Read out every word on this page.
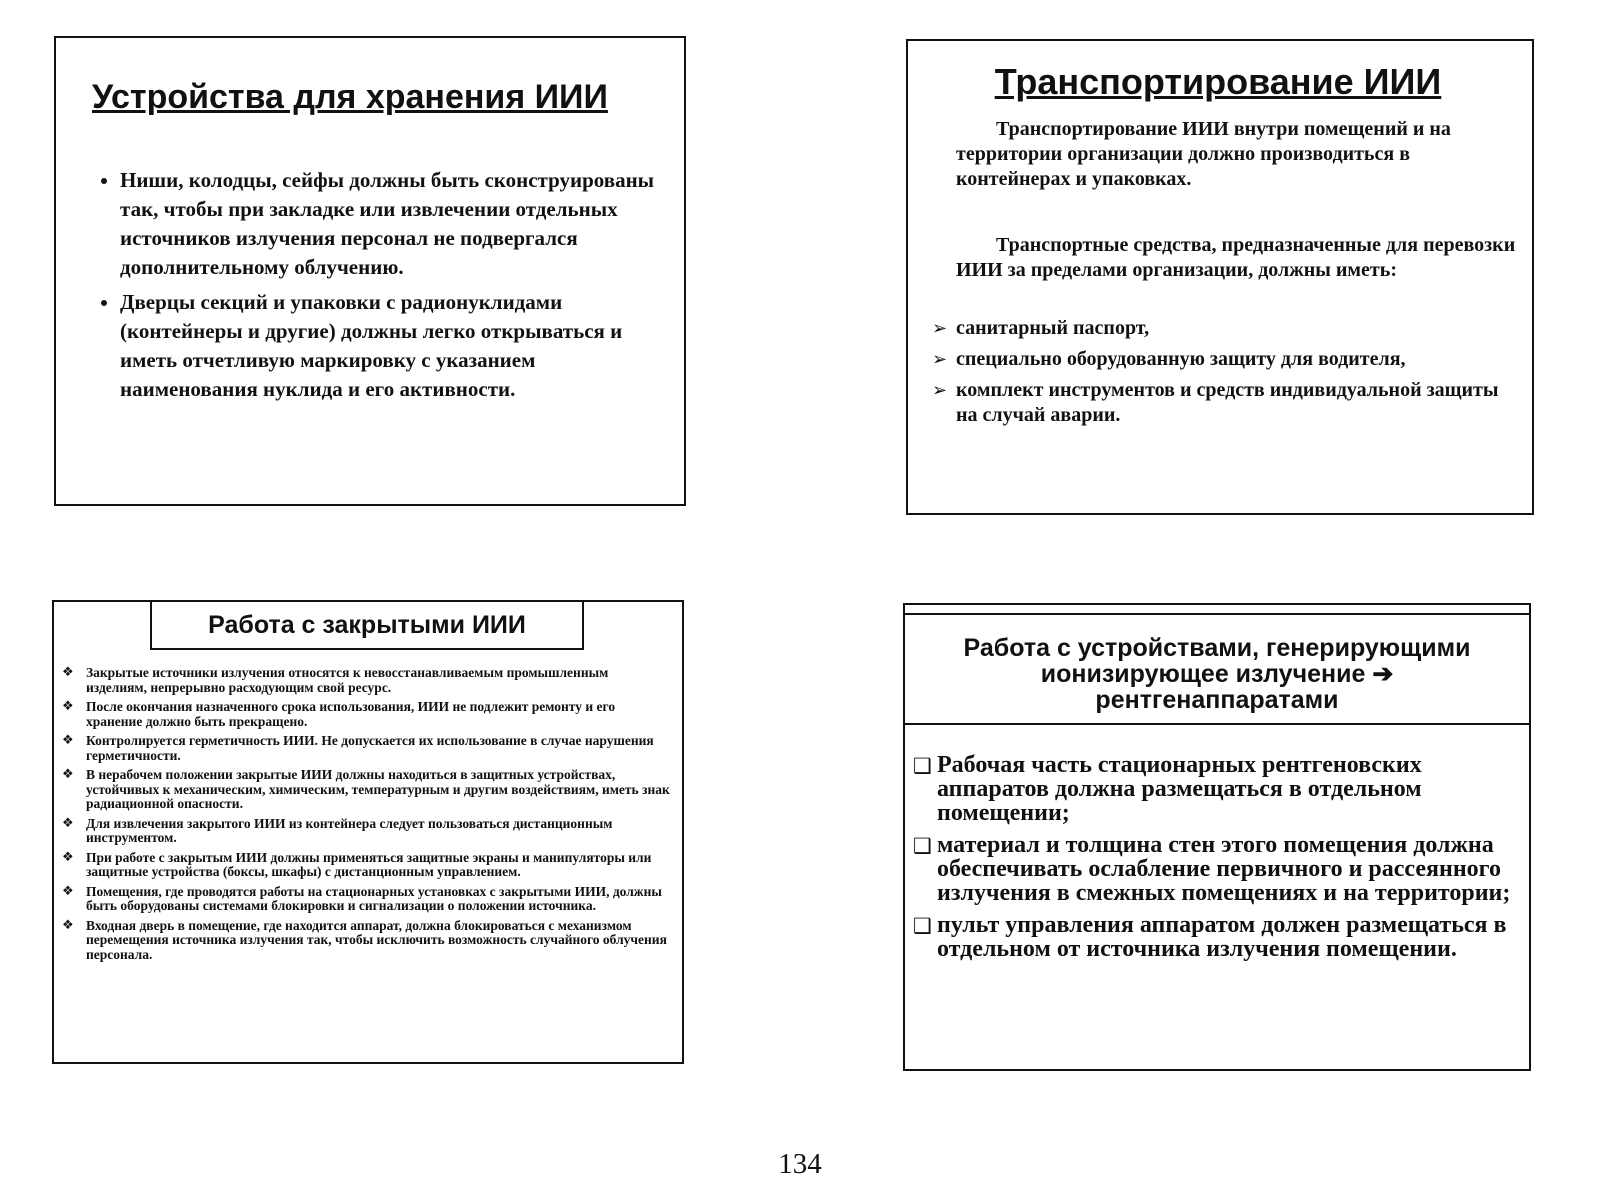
Устройства для хранения ИИИ
• Ниши, колодцы, сейфы должны быть сконструированы так, чтобы при закладке или извлечении отдельных источников излучения персонал не подвергался дополнительному облучению.
• Дверцы секций и упаковки с радионуклидами (контейнеры и другие) должны легко открываться и иметь отчетливую маркировку с указанием наименования нуклида и его активности.
Транспортирование ИИИ

Транспортирование ИИИ внутри помещений и на территории организации должно производиться в контейнерах и упаковках.

Транспортные средства, предназначенные для перевозки ИИИ за пределами организации, должны иметь:

➢ санитарный паспорт,
➢ специально оборудованную защиту для водителя,
➢ комплект инструментов и средств индивидуальной защиты на случай аварии.
Работа с закрытыми ИИИ
❖ Закрытые источники излучения относятся к невосстанавливаемым промышленным изделиям, непрерывно расходующим свой ресурс.
❖ После окончания назначенного срока использования, ИИИ не подлежит ремонту и его хранение должно быть прекращено.
❖ Контролируется герметичность ИИИ. Не допускается их использование в случае нарушения герметичности.
❖ В нерабочем положении закрытые ИИИ должны находиться в защитных устройствах, устойчивых к механическим, химическим, температурным и другим воздействиям, иметь знак радиационной опасности.
❖ Для извлечения закрытого ИИИ из контейнера следует пользоваться дистанционным инструментом.
❖ При работе с закрытым ИИИ должны применяться защитные экраны и манипуляторы или защитные устройства (боксы, шкафы) с дистанционным управлением.
❖ Помещения, где проводятся работы на стационарных установках с закрытыми ИИИ, должны быть оборудованы системами блокировки и сигнализации о положении источника.
❖ Входная дверь в помещение, где находится аппарат, должна блокироваться с механизмом перемещения источника излучения так, чтобы исключить возможность случайного облучения персонала.
Работа с устройствами, генерирующими
ионизирующее излучение ➔
рентгенаппаратами
❑ Рабочая часть стационарных рентгеновских аппаратов должна размещаться в отдельном помещении;
❑ материал и толщина стен этого помещения должна обеспечивать ослабление первичного и рассеянного излучения в смежных помещениях и на территории;
❑ пульт управления аппаратом должен размещаться в отдельном от источника излучения помещении.
134
